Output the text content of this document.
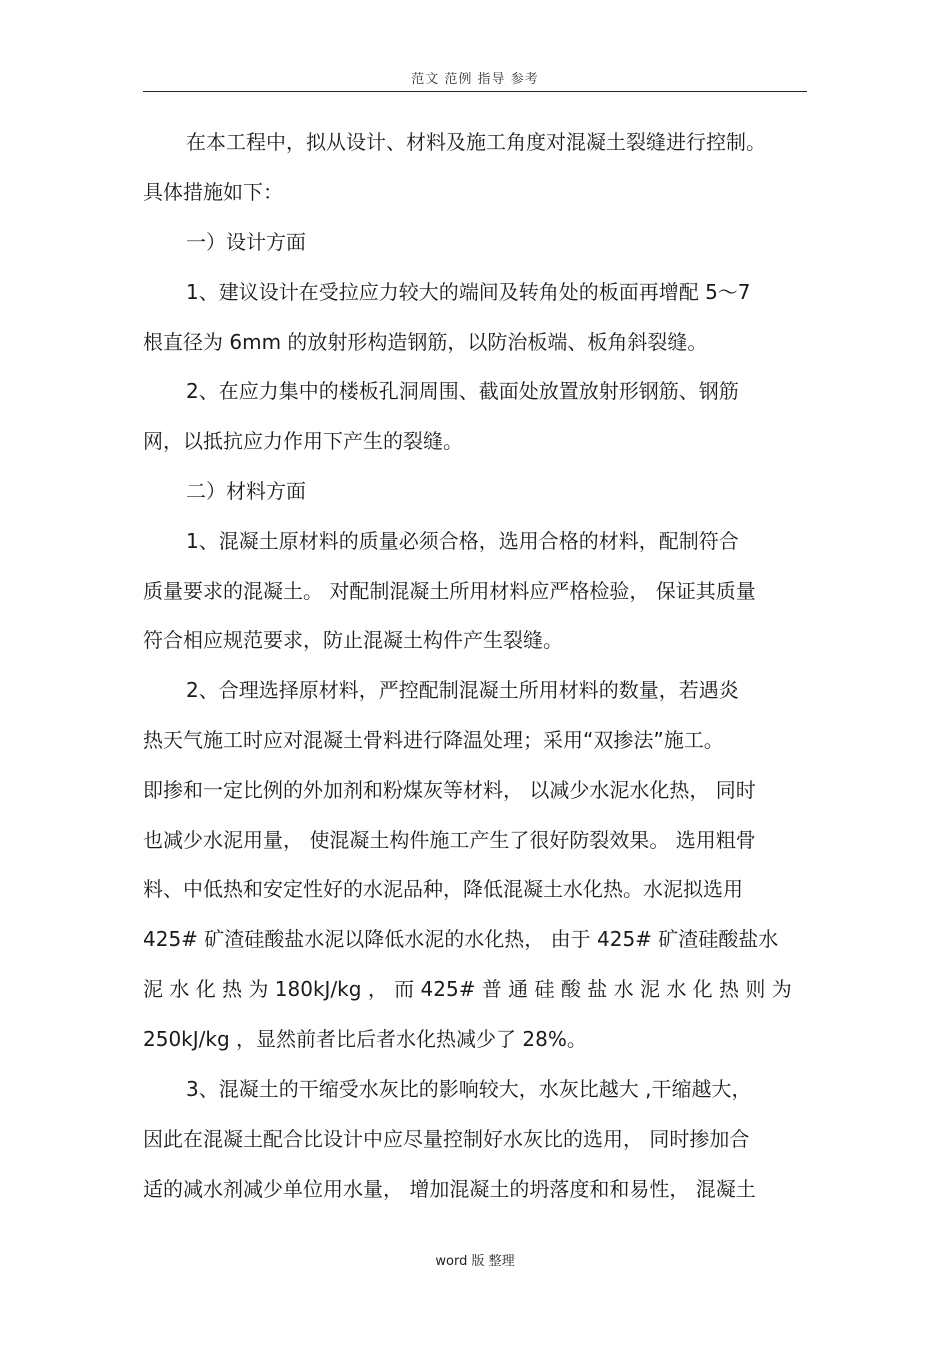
范文 范例 指导 参考
在本工程中，拟从设计、材料及施工角度对混凝土裂缝进行控制。
具体措施如下：
一）设计方面
1、建议设计在受拉应力较大的端间及转角处的板面再增配 5～7
根直径为 6mm 的放射形构造钢筋，以防治板端、板角斜裂缝。
2、在应力集中的楼板孔洞周围、截面处放置放射形钢筋、钢筋
网，以抵抗应力作用下产生的裂缝。
二）材料方面
1、混凝土原材料的质量必须合格，选用合格的材料，配制符合
质量要求的混凝土。 对配制混凝土所用材料应严格检验， 保证其质量
符合相应规范要求，防止混凝土构件产生裂缝。
2、合理选择原材料，严控配制混凝土所用材料的数量，若遇炎
热天气施工时应对混凝土骨料进行降温处理；采用“双掺法”施工。
即掺和一定比例的外加剂和粉煤灰等材料， 以减少水泥水化热， 同时
也减少水泥用量， 使混凝土构件施工产生了很好防裂效果。 选用粗骨
料、中低热和安定性好的水泥品种，降低混凝土水化热。水泥拟选用
425# 矿渣硅酸盐水泥以降低水泥的水化热， 由于 425# 矿渣硅酸盐水
泥 水 化 热 为 180kJ/kg ， 而 425# 普 通 硅 酸 盐 水 泥 水 化 热 则 为
250kJ/kg ，显然前者比后者水化热减少了 28%。
3、混凝土的干缩受水灰比的影响较大，水灰比越大 ,干缩越大，
因此在混凝土配合比设计中应尽量控制好水灰比的选用， 同时掺加合
适的减水剂减少单位用水量， 增加混凝土的坍落度和和易性， 混凝土
word 版 整理
